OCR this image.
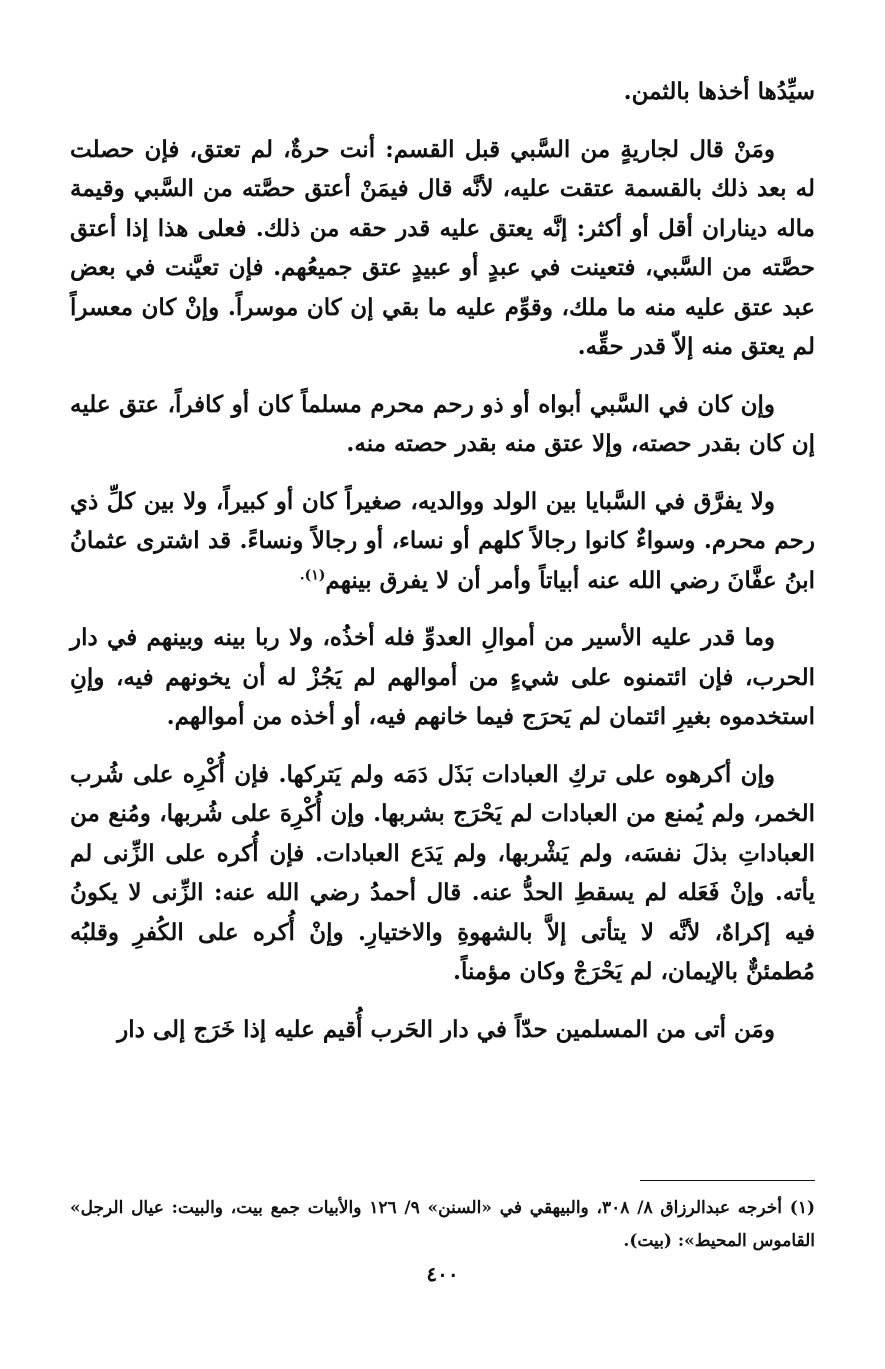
سيِّدُها أخذها بالثمن.

ومَنْ قال لجاريةٍ من السَّبي قبل القسم: أنت حرةٌ، لم تعتق، فإن حصلت له بعد ذلك بالقسمة عتقت عليه، لأنَّه قال فيمَنْ أعتق حصَّته من السَّبي وقيمة ماله ديناران أقل أو أكثر: إنَّه يعتق عليه قدر حقه من ذلك. فعلى هذا إذا أعتق حصَّته من السَّبي، فتعينت في عبدٍ أو عبيدٍ عتق جميعُهم. فإن تعيَّنت في بعض عبد عتق عليه منه ما ملك، وقوِّم عليه ما بقي إن كان موسراً. وإنْ كان معسراً لم يعتق منه إلاّ قدر حقِّه.

وإن كان في السَّبي أبواه أو ذو رحم محرم مسلماً كان أو كافراً، عتق عليه إن كان بقدر حصته، وإلا عتق منه بقدر حصته منه.

ولا يفرَّق في السَّبايا بين الولد ووالديه، صغيراً كان أو كبيراً، ولا بين كلِّ ذي رحم محرم. وسواءٌ كانوا رجالاً كلهم أو نساء، أو رجالاً ونساءً. قد اشترى عثمانُ ابنُ عفَّانَ رضي الله عنه أبياتاً وأمر أن لا يفرق بينهم$^{(١).}$

وما قدر عليه الأسير من أموالِ العدوِّ فله أخذُه، ولا ربا بينه وبينهم في دار الحرب، فإن ائتمنوه على شيءٍ من أموالهم لم يَجُزْ له أن يخونهم فيه، وإنِ استخدموه بغيرِ ائتمان لم يَحرَج فيما خانهم فيه، أو أخذه من أموالهم.

وإن أكرهوه على تركِ العبادات بَذَل دَمَه ولم يَتركها. فإن أُكْرِه على شُرب الخمر، ولم يُمنع من العبادات لم يَحْرَج بشربها. وإن أُكْرِهَ على شُربها، ومُنع من العباداتِ بذلَ نفسَه، ولم يَشْربها، ولم يَدَع العبادات. فإن أُكره على الزِّنى لم يأته. وإنْ فَعَله لم يسقطِ الحدُّ عنه. قال أحمدُ رضي الله عنه: الزِّنى لا يكونُ فيه إكراهٌ، لأنَّه لا يتأتى إلاَّ بالشهوةِ والاختيارِ. وإنْ أُكره على الكُفرِ وقلبُه مُطمئنٌّ بالإيمان، لم يَحْرَجْ وكان مؤمناً.

ومَن أتى من المسلمين حدّاً في دار الحَرب أُقيم عليه إذا خَرَج إلى دار

(١) أخرجه عبدالرزاق ٨/ ٣٠٨، والبيهقي في «السنن» ٩/ ١٢٦ والأبيات جمع بيت، والبيت: عيال الرجل» القاموس المحيط»: (بيت).
٤٠٠
